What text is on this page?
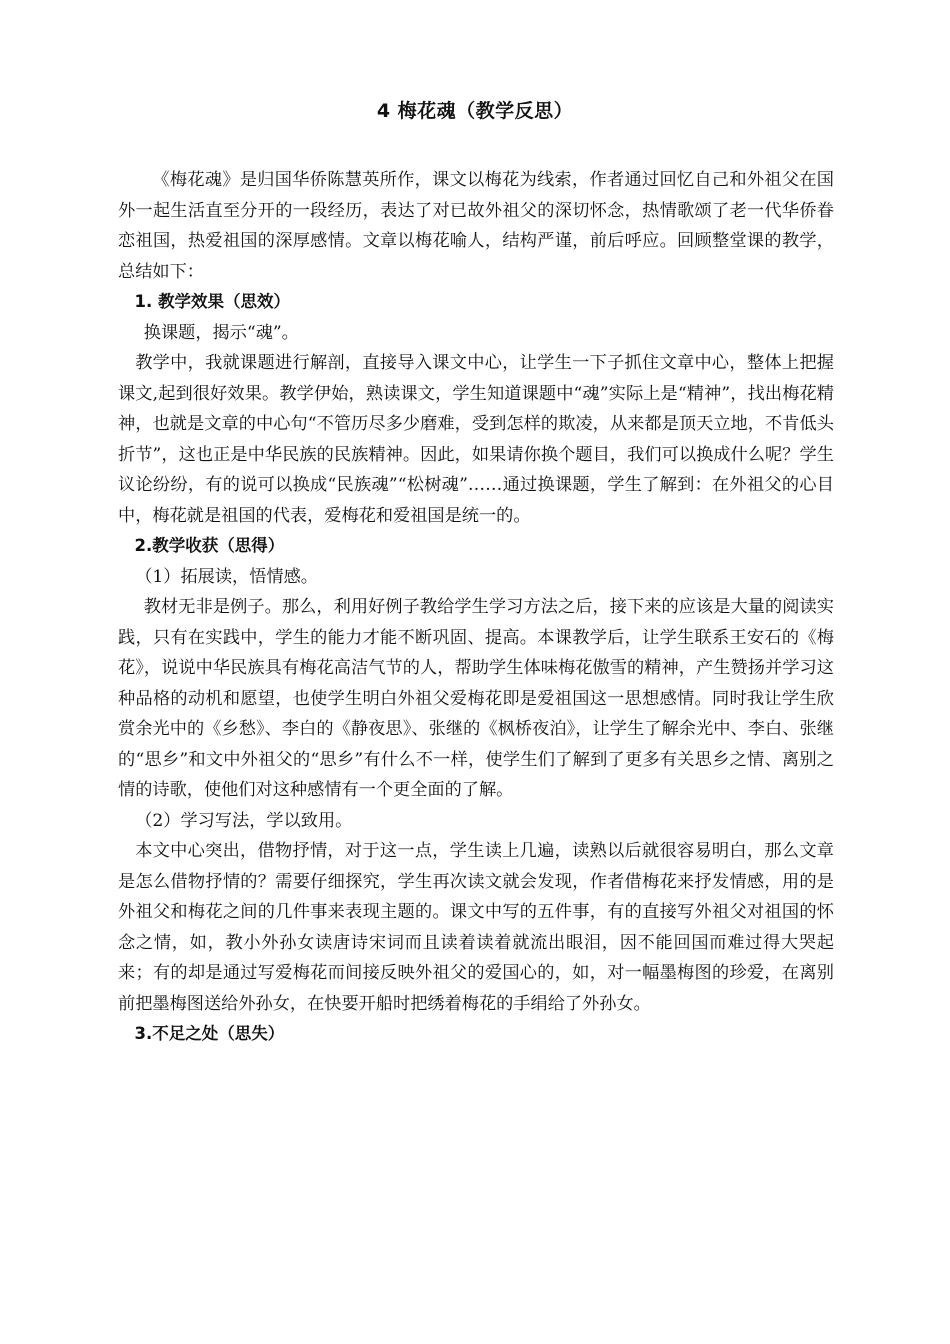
4 梅花魂（教学反思）

《梅花魂》是归国华侨陈慧英所作，课文以梅花为线索，作者通过回忆自己和外祖父在国外一起生活直至分开的一段经历，表达了对已故外祖父的深切怀念，热情歌颂了老一代华侨眷恋祖国，热爱祖国的深厚感情。文章以梅花喻人，结构严谨，前后呼应。回顾整堂课的教学，总结如下：

1. 教学效果（思效）

换课题，揭示“魂”。

教学中，我就课题进行解剖，直接导入课文中心，让学生一下子抓住文章中心，整体上把握课文,起到很好效果。教学伊始，熟读课文，学生知道课题中“魂”实际上是“精神”，找出梅花精神，也就是文章的中心句“不管历尽多少磨难，受到怎样的欺凌，从来都是顶天立地，不肯低头折节”，这也正是中华民族的民族精神。因此，如果请你换个题目，我们可以换成什么呢？学生议论纷纷，有的说可以换成“民族魂”“松树魂”……通过换课题，学生了解到：在外祖父的心目中，梅花就是祖国的代表，爱梅花和爱祖国是统一的。

2.教学收获（思得）

（1）拓展读，悟情感。

教材无非是例子。那么，利用好例子教给学生学习方法之后，接下来的应该是大量的阅读实践，只有在实践中，学生的能力才能不断巩固、提高。本课教学后，让学生联系王安石的《梅花》，说说中华民族具有梅花高洁气节的人，帮助学生体味梅花傲雪的精神，产生赞扬并学习这种品格的动机和愿望，也使学生明白外祖父爱梅花即是爱祖国这一思想感情。同时我让学生欣赏余光中的《乡愁》、李白的《静夜思》、张继的《枫桥夜泊》，让学生了解余光中、李白、张继的“思乡”和文中外祖父的“思乡”有什么不一样，使学生们了解到了更多有关思乡之情、离别之情的诗歌，使他们对这种感情有一个更全面的了解。

（2）学习写法，学以致用。

本文中心突出，借物抒情，对于这一点，学生读上几遍，读熟以后就很容易明白，那么文章是怎么借物抒情的？需要仔细探究，学生再次读文就会发现，作者借梅花来抒发情感，用的是外祖父和梅花之间的几件事来表现主题的。课文中写的五件事，有的直接写外祖父对祖国的怀念之情，如，教小外孙女读唐诗宋词而且读着读着就流出眼泪，因不能回国而难过得大哭起来；有的却是通过写爱梅花而间接反映外祖父的爱国心的，如，对一幅墨梅图的珍爱，在离别前把墨梅图送给外孙女，在快要开船时把绣着梅花的手绢给了外孙女。

3.不足之处（思失）
